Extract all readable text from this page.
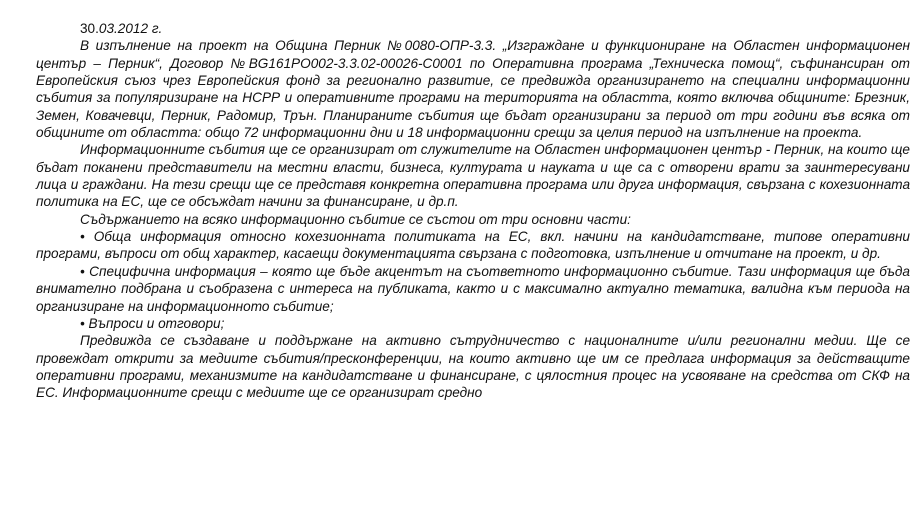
30.03.2012 г.

В изпълнение на проект на Община Перник №0080-ОПР-3.3. „Изграждане и функциониране на Областен информационен център – Перник“, Договор №BG161PO002-3.3.02-00026-C0001 по Оперативна програма „Техническа помощ“, съфинансиран от Европейския съюз чрез Европейския фонд за регионално развитие, се предвижда организирането на специални информационни събития за популяризиране на НСРР и оперативните програми на територията на областта, която включва общините: Брезник, Земен, Ковачевци, Перник, Радомир, Трън. Планираните събития ще бъдат организирани за период от три години във всяка от общините от областта: общо 72 информационни дни и 18 информационни срещи за целия период на изпълнение на проекта.

Информационните събития ще се организират от служителите на Областен информационен център - Перник, на които ще бъдат поканени представители на местни власти, бизнеса, културата и науката и ще са с отворени врати за заинтересувани лица и граждани. На тези срещи ще се представя конкретна оперативна програма или друга информация, свързана с кохезионната политика на ЕС, ще се обсъждат начини за финансиране, и др.п.

Съдържанието на всяко информационно събитие се състои от три основни части:

• Обща информация относно кохезионната политиката на ЕС, вкл. начини на кандидатстване, типове оперативни програми, въпроси от общ характер, касаещи документацията свързана с подготовка, изпълнение и отчитане на проект, и др.

• Специфична информация – която ще бъде акцентът на съответното информационно събитие. Тази информация ще бъда внимателно подбрана и съобразена с интереса на публиката, както и с максимално актуално тематика, валидна към периода на организиране на информационното събитие;

• Въпроси и отговори;

Предвижда се създаване и поддържане на активно сътрудничество с националните и/или регионални медии. Ще се провеждат открити за медиите събития/пресконференции, на които активно ще им се предлага информация за действащите оперативни програми, механизмите на кандидатстване и финансиране, с цялостния процес на усвояване на средства от СКФ на ЕС. Информационните срещи с медиите ще се организират средно
